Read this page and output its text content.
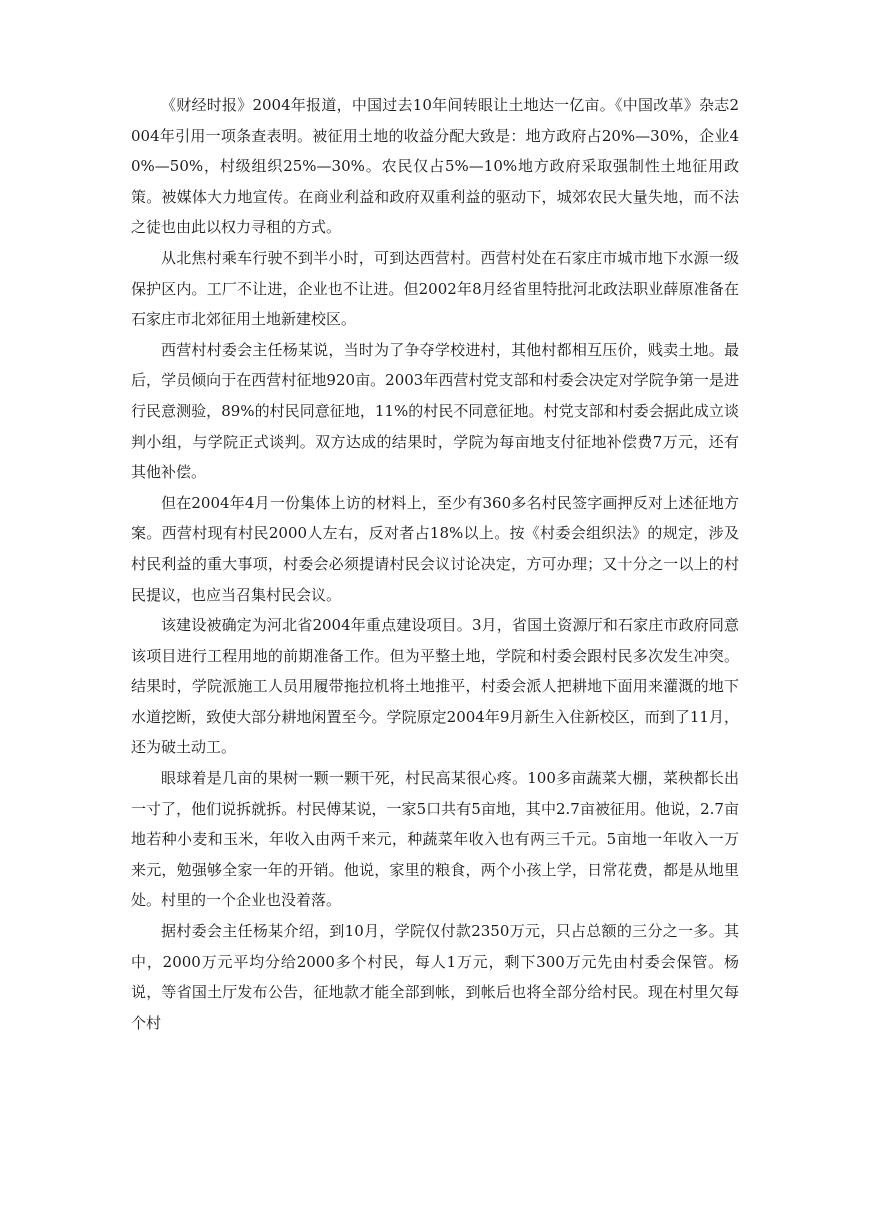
《财经时报》2004年报道，中国过去10年间转眼让土地达一亿亩。《中国改革》杂志2004年引用一项条查表明。被征用土地的收益分配大致是：地方政府占20%—30%，企业40%—50%，村级组织25%—30%。农民仅占5%—10%地方政府采取强制性土地征用政策。被媒体大力地宣传。在商业利益和政府双重利益的驱动下，城郊农民大量失地，而不法之徒也由此以权力寻租的方式。

从北焦村乘车行驶不到半小时，可到达西营村。西营村处在石家庄市城市地下水源一级保护区内。工厂不让进，企业也不让进。但2002年8月经省里特批河北政法职业薛原准备在石家庄市北郊征用土地新建校区。

西营村村委会主任杨某说，当时为了争夺学校进村，其他村都相互压价，贱卖土地。最后，学员倾向于在西营村征地920亩。2003年西营村党支部和村委会决定对学院争第一是进行民意测验，89%的村民同意征地，11%的村民不同意征地。村党支部和村委会据此成立谈判小组，与学院正式谈判。双方达成的结果时，学院为每亩地支付征地补偿费7万元，还有其他补偿。

但在2004年4月一份集体上访的材料上，至少有360多名村民签字画押反对上述征地方案。西营村现有村民2000人左右，反对者占18%以上。按《村委会组织法》的规定，涉及村民利益的重大事项，村委会必须提请村民会议讨论决定，方可办理；又十分之一以上的村民提议，也应当召集村民会议。

该建设被确定为河北省2004年重点建设项目。3月，省国土资源厅和石家庄市政府同意该项目进行工程用地的前期准备工作。但为平整土地，学院和村委会跟村民多次发生冲突。结果时，学院派施工人员用履带拖拉机将土地推平，村委会派人把耕地下面用来灌溉的地下水道挖断，致使大部分耕地闲置至今。学院原定2004年9月新生入住新校区，而到了11月，还为破土动工。

眼球着是几亩的果树一颗一颗干死，村民高某很心疼。100多亩蔬菜大棚，菜秧都长出一寸了，他们说拆就拆。村民傅某说，一家5口共有5亩地，其中2.7亩被征用。他说，2.7亩地若种小麦和玉米，年收入由两千来元，种蔬菜年收入也有两三千元。5亩地一年收入一万来元，勉强够全家一年的开销。他说，家里的粮食，两个小孩上学，日常花费，都是从地里处。村里的一个企业也没着落。

据村委会主任杨某介绍，到10月，学院仅付款2350万元，只占总额的三分之一多。其中，2000万元平均分给2000多个村民，每人1万元，剩下300万元先由村委会保管。杨说，等省国土厅发布公告，征地款才能全部到帐，到帐后也将全部分给村民。现在村里欠每个村
